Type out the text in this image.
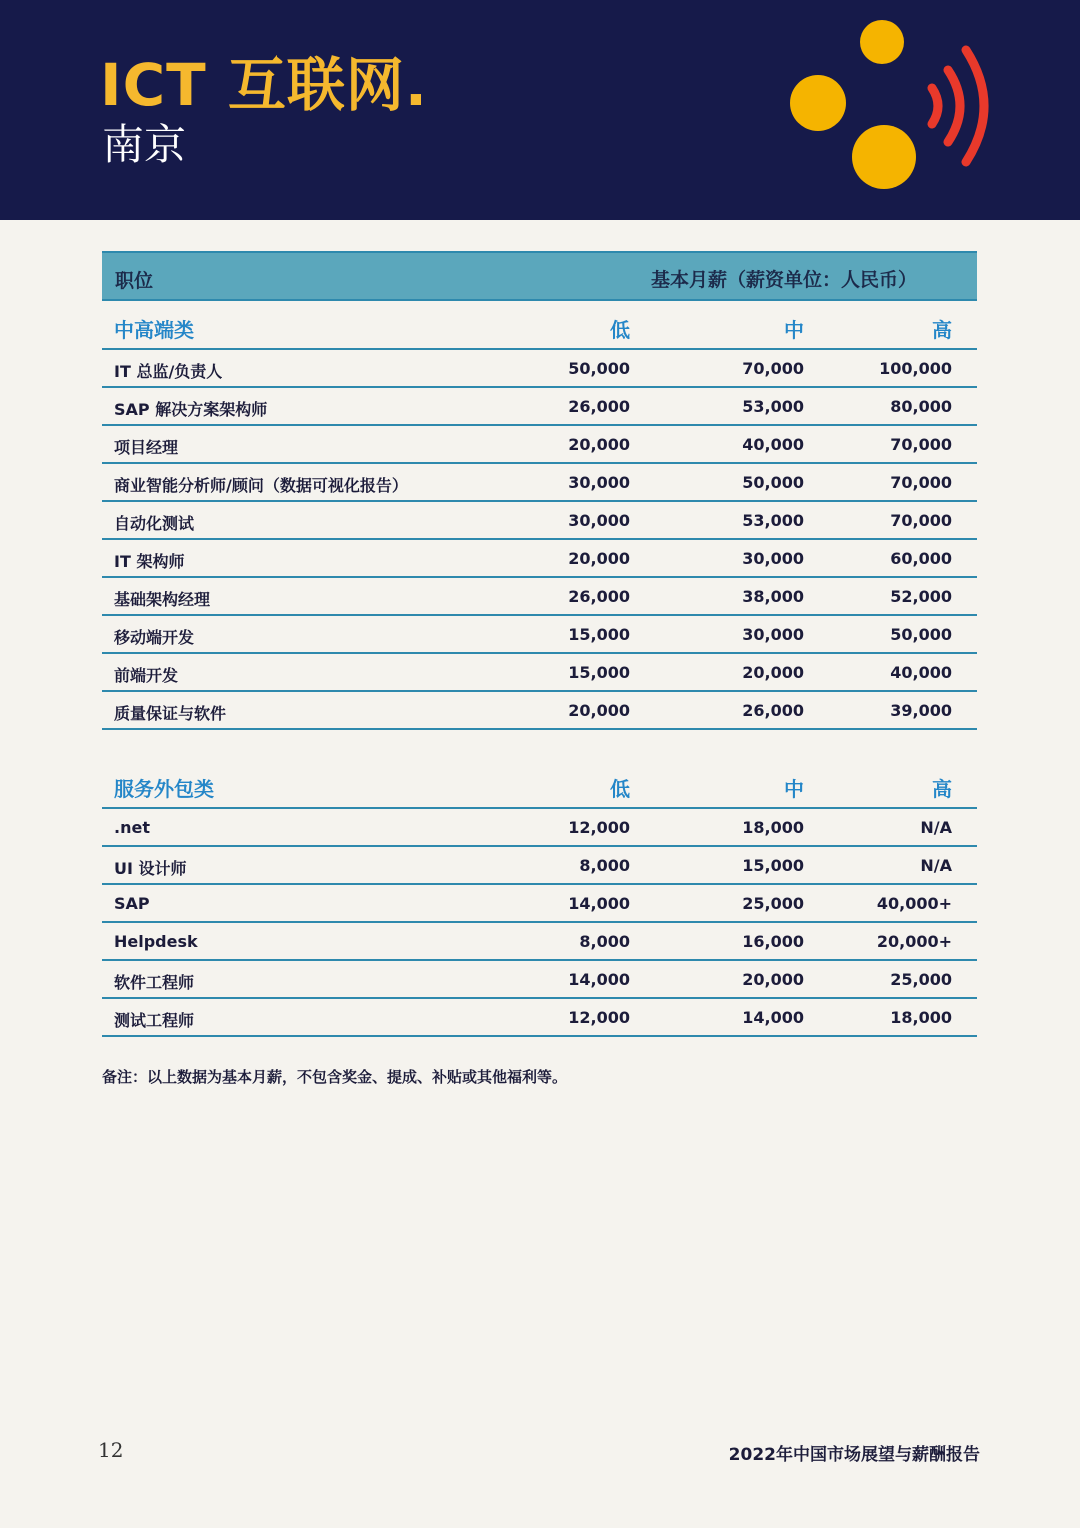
ICT 互联网.
南京
职位	基本月薪（薪资单位：人民币）
中高端类	低	中	高
IT 总监/负责人	50,000	70,000	100,000
SAP 解决方案架构师	26,000	53,000	80,000
项目经理	20,000	40,000	70,000
商业智能分析师/顾问（数据可视化报告）	30,000	50,000	70,000
自动化测试	30,000	53,000	70,000
IT 架构师	20,000	30,000	60,000
基础架构经理	26,000	38,000	52,000
移动端开发	15,000	30,000	50,000
前端开发	15,000	20,000	40,000
质量保证与软件	20,000	26,000	39,000
服务外包类	低	中	高
.net	12,000	18,000	N/A
UI 设计师	8,000	15,000	N/A
SAP	14,000	25,000	40,000+
Helpdesk	8,000	16,000	20,000+
软件工程师	14,000	20,000	25,000
测试工程师	12,000	14,000	18,000
备注：以上数据为基本月薪，不包含奖金、提成、补贴或其他福利等。
12	2022年中国市场展望与薪酬报告
